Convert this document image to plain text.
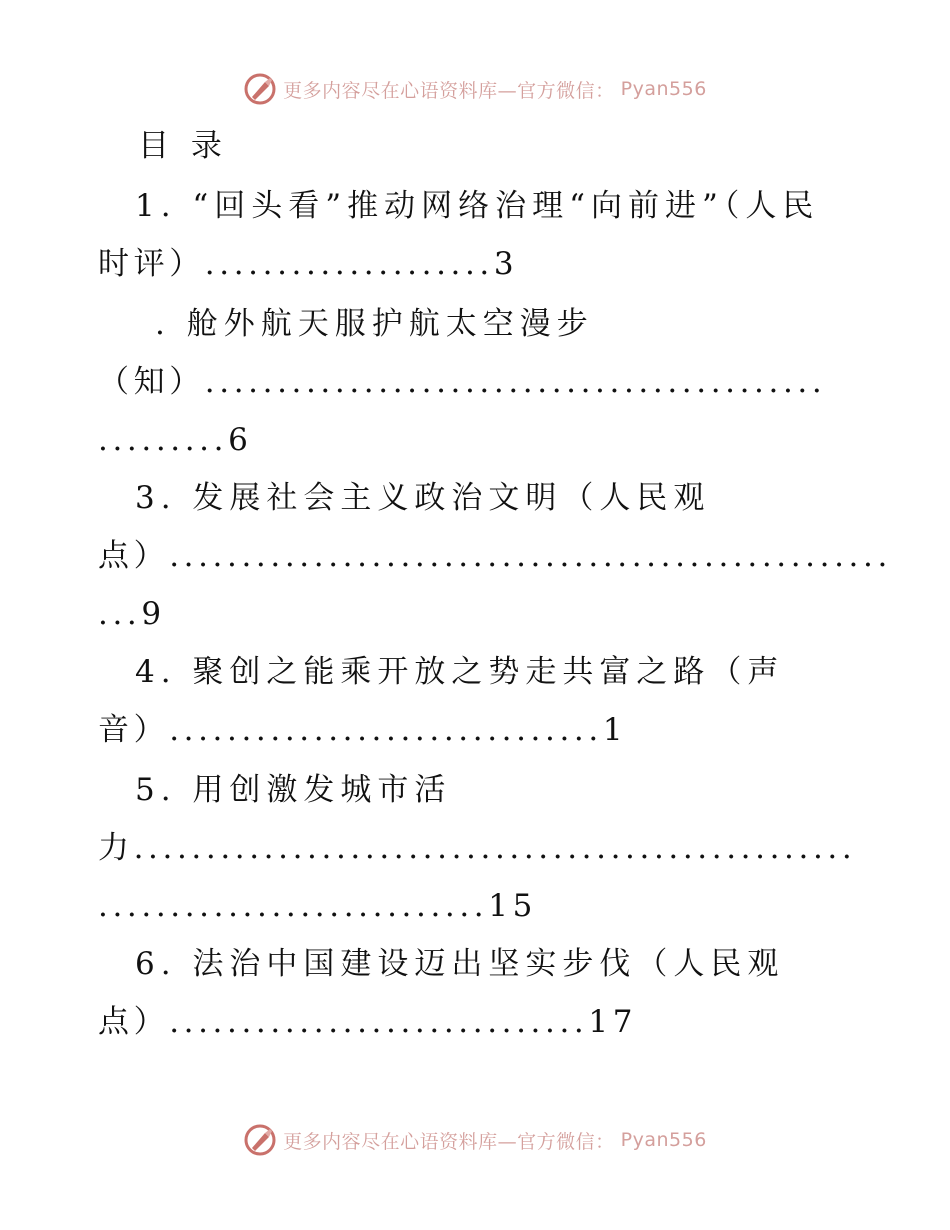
更多内容尽在心语资料库—官方微信： Pyan556
目 录
1. “回头看”推动网络治理“向前进”（人民
时评）....................3
. 舱外航天服护航太空漫步
（知）...........................................
.........6
3. 发展社会主义政治文明（人民观
点）..................................................
...9
4. 聚创之能乘开放之势走共富之路（声
音）..............................1
5. 用创激发城市活
力..................................................
...........................15
6. 法治中国建设迈出坚实步伐（人民观
点）.............................17
更多内容尽在心语资料库—官方微信： Pyan556
